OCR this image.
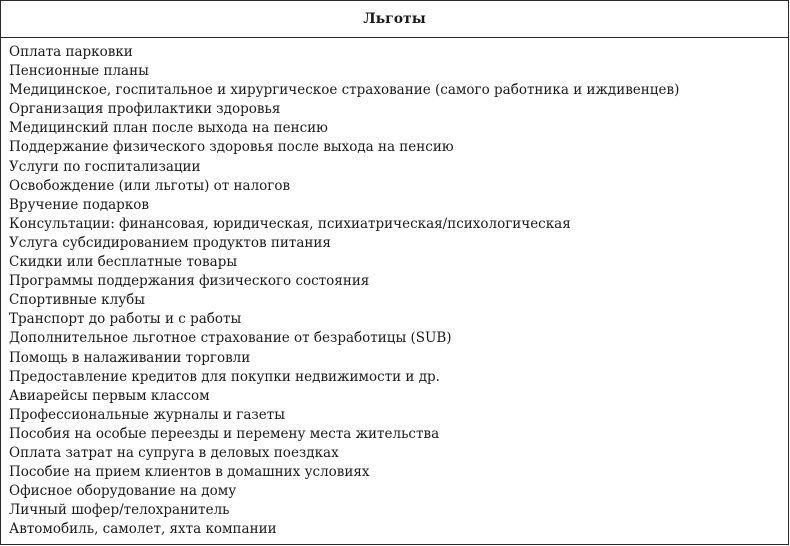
Льготы
Оплата парковки
Пенсионные планы
Медицинское, госпитальное и хирургическое страхование (самого работника и иждивенцев)
Организация профилактики здоровья
Медицинский план после выхода на пенсию
Поддержание физического здоровья после выхода на пенсию
Услуги по госпитализации
Освобождение (или льготы) от налогов
Вручение подарков
Консультации: финансовая, юридическая, психиатрическая/психологическая
Услуга субсидированием продуктов питания
Скидки или бесплатные товары
Программы поддержания физического состояния
Спортивные клубы
Транспорт до работы и с работы
Дополнительное льготное страхование от безработицы (SUB)
Помощь в налаживании торговли
Предоставление кредитов для покупки недвижимости и др.
Авиарейсы первым классом
Профессиональные журналы и газеты
Пособия на особые переезды и перемену места жительства
Оплата затрат на супруга в деловых поездках
Пособие на прием клиентов в домашних условиях
Офисное оборудование на дому
Личный шофер/телохранитель
Автомобиль, самолет, яхта компании
